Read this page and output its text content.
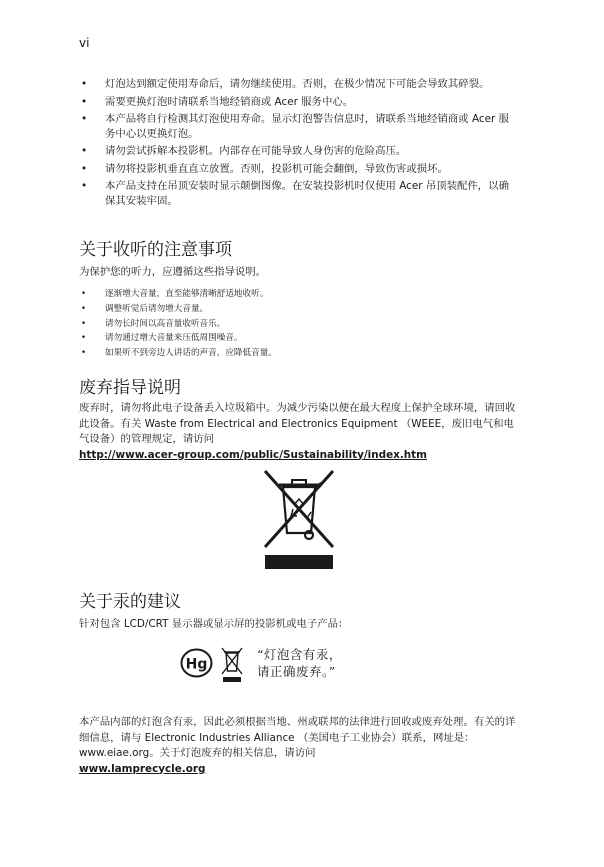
vi
• 灯泡达到额定使用寿命后，请勿继续使用。否则，在极少情况下可能会导致其碎裂。
• 需要更换灯泡时请联系当地经销商或 Acer 服务中心。
• 本产品将自行检测其灯泡使用寿命。显示灯泡警告信息时，请联系当地经销商或 Acer 服务中心以更换灯泡。
• 请勿尝试拆解本投影机。内部存在可能导致人身伤害的危险高压。
• 请勿将投影机垂直直立放置。否则，投影机可能会翻倒，导致伤害或损坏。
• 本产品支持在吊顶安装时显示颠倒图像。在安装投影机时仅使用 Acer 吊顶装配件，以确保其安装牢固。
关于收听的注意事项

为保护您的听力，应遵循这些指导说明。

• 逐渐增大音量，直至能够清晰舒适地收听。
• 调整听觉后请勿增大音量。
• 请勿长时间以高音量收听音乐。
• 请勿通过增大音量来压低周围噪音。
• 如果听不到旁边人讲话的声音，应降低音量。
废弃指导说明

废弃时，请勿将此电子设备丢入垃圾箱中。为减少污染以便在最大程度上保护全球环境，请回收此设备。有关 Waste from Electrical and Electronics Equipment （WEEE，废旧电气和电气设备）的管理规定，请访问
http://www.acer-group.com/public/Sustainability/index.htm

关于汞的建议

针对包含 LCD/CRT 显示器或显示屏的投影机或电子产品：

Hg
“灯泡含有汞，
请正确废弃。”

本产品内部的灯泡含有汞，因此必须根据当地、州或联邦的法律进行回收或废弃处理。有关的详细信息，请与 Electronic Industries Alliance （美国电子工业协会）联系，网址是：www.eiae.org。关于灯泡废弃的相关信息，请访问
www.lamprecycle.org
